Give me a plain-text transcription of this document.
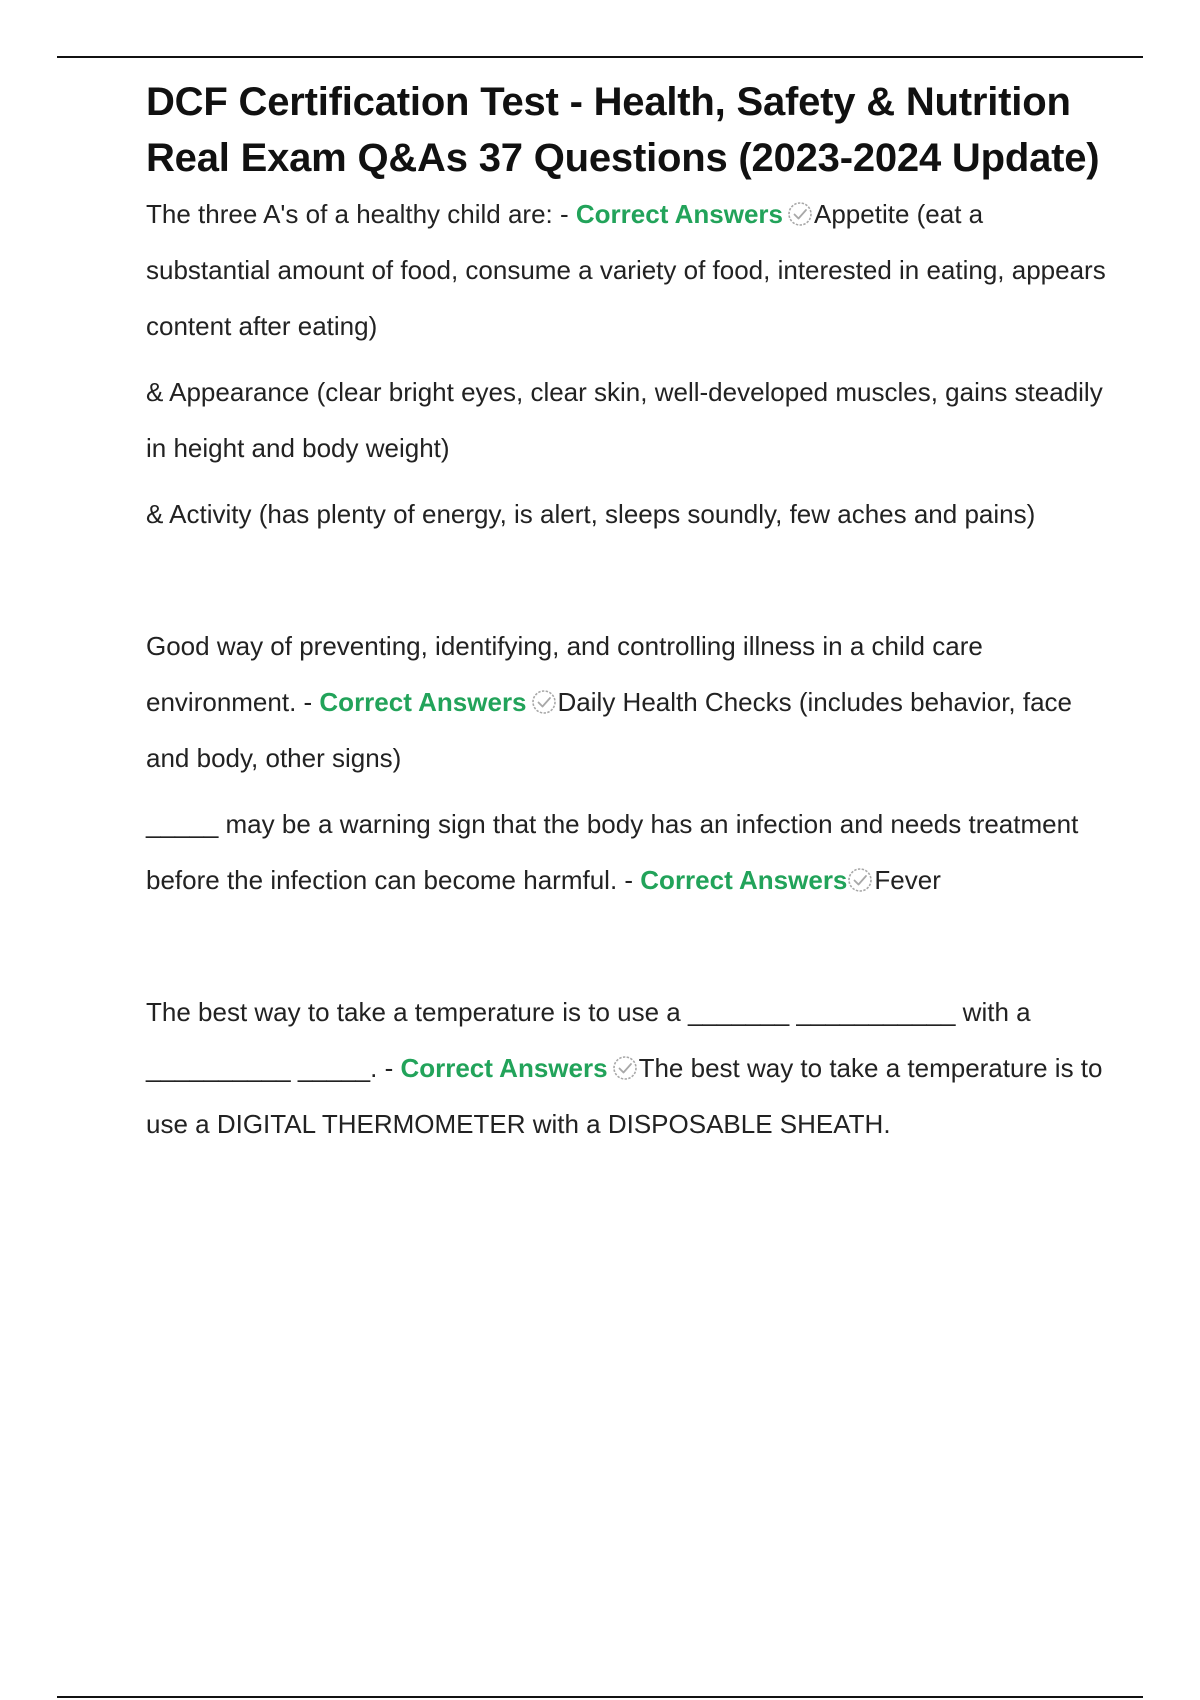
DCF Certification Test - Health, Safety & Nutrition
Real Exam Q&As 37 Questions (2023-2024 Update)

The three A's of a healthy child are: - Correct Answers Appetite (eat a substantial amount of food, consume a variety of food, interested in eating, appears content after eating)

& Appearance (clear bright eyes, clear skin, well-developed muscles, gains steadily in height and body weight)

& Activity (has plenty of energy, is alert, sleeps soundly, few aches and pains)

Good way of preventing, identifying, and controlling illness in a child care environment. - Correct Answers Daily Health Checks (includes behavior, face and body, other signs)

_____ may be a warning sign that the body has an infection and needs treatment before the infection can become harmful. - Correct Answers Fever

The best way to take a temperature is to use a _______ ___________ with a __________ _____. - Correct Answers The best way to take a temperature is to use a DIGITAL THERMOMETER with a DISPOSABLE SHEATH.
